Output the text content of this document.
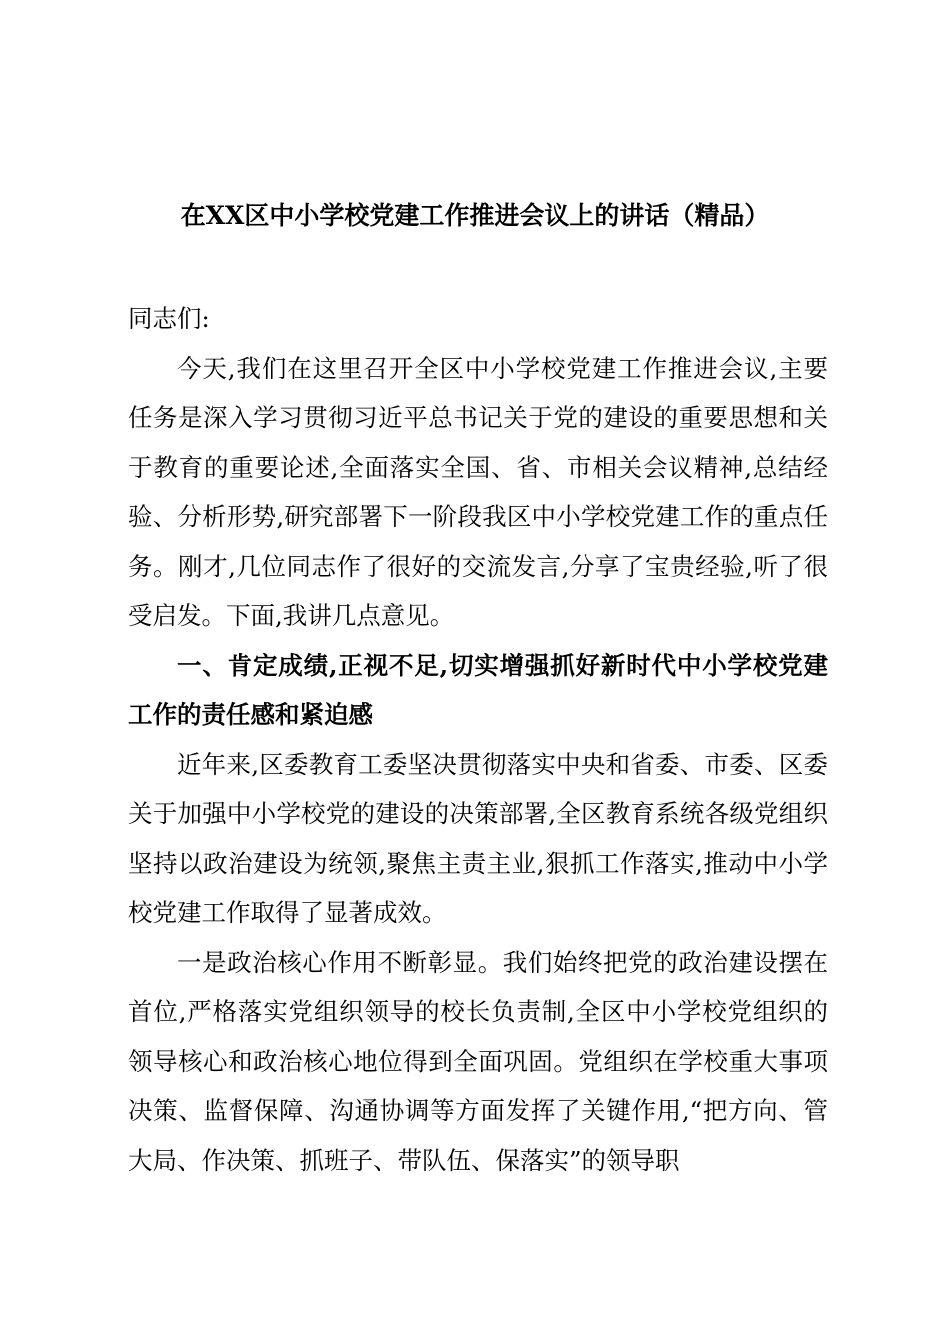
在XX区中小学校党建工作推进会议上的讲话（精品）

同志们:

今天,我们在这里召开全区中小学校党建工作推进会议,主要任务是深入学习贯彻习近平总书记关于党的建设的重要思想和关于教育的重要论述,全面落实全国、省、市相关会议精神,总结经验、分析形势,研究部署下一阶段我区中小学校党建工作的重点任务。刚才,几位同志作了很好的交流发言,分享了宝贵经验,听了很受启发。下面,我讲几点意见。

一、肯定成绩,正视不足,切实增强抓好新时代中小学校党建工作的责任感和紧迫感

近年来,区委教育工委坚决贯彻落实中央和省委、市委、区委关于加强中小学校党的建设的决策部署,全区教育系统各级党组织坚持以政治建设为统领,聚焦主责主业,狠抓工作落实,推动中小学校党建工作取得了显著成效。

一是政治核心作用不断彰显。我们始终把党的政治建设摆在首位,严格落实党组织领导的校长负责制,全区中小学校党组织的领导核心和政治核心地位得到全面巩固。党组织在学校重大事项决策、监督保障、沟通协调等方面发挥了关键作用,“把方向、管大局、作决策、抓班子、带队伍、保落实”的领导职
